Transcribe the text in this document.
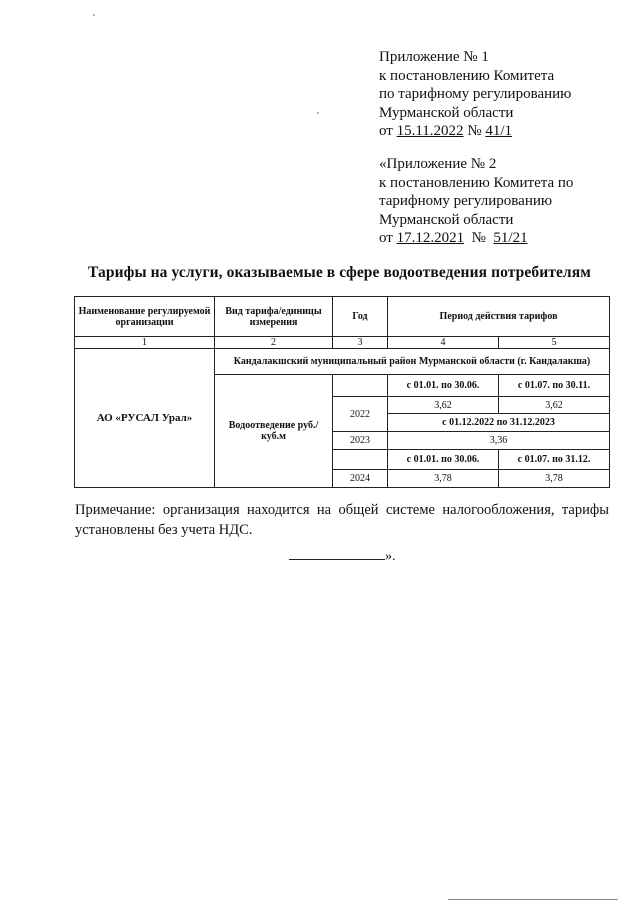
Приложение № 1
к постановлению Комитета
по тарифному регулированию
Мурманской области
от 15.11.2022 № 41/1
«Приложение № 2
к постановлению Комитета по
тарифному регулированию
Мурманской области
от 17.12.2021  №  51/21
Тарифы на услуги, оказываемые в сфере водоотведения потребителям
Наименование регулируемой организации	Вид тарифа/единицы измерения	Год	Период действия тарифов	
1	2	3	4	5
АО «РУСАЛ Урал»	Кандалакшский муниципальный район Мурманской области (г. Кандалакша)			
	Водоотведение руб./куб.м		с 01.01. по 30.06.	с 01.07. по 30.11.
		2022	3,62	3,62
			с 01.12.2022 по 31.12.2023	
		2023	3,36	
			с 01.01. по 30.06.	с 01.07. по 31.12.
		2024	3,78	3,78
Примечание: организация находится на общей системе налогообложения, тарифы установлены без учета НДС.
».
